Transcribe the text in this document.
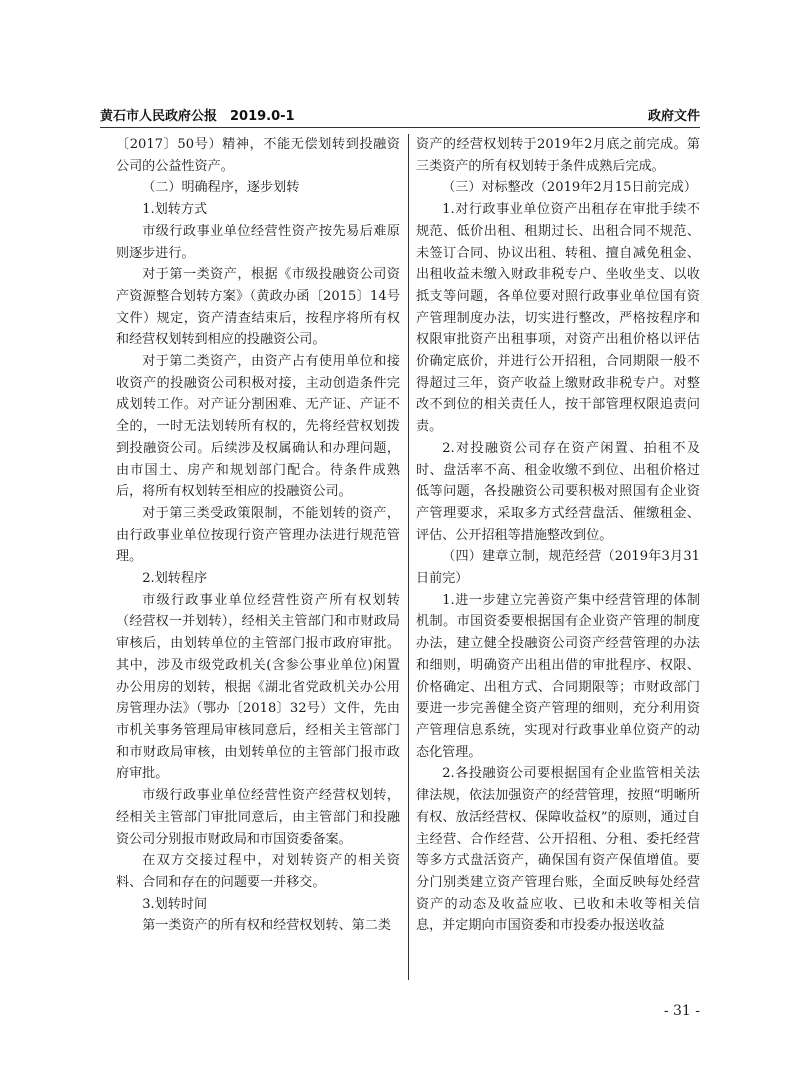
黄石市人民政府公报　2019.0-1	政府文件

〔2017〕50号）精神，不能无偿划转到投融资公司的公益性资产。

（二）明确程序，逐步划转

1.划转方式

市级行政事业单位经营性资产按先易后难原则逐步进行。

对于第一类资产，根据《市级投融资公司资产资源整合划转方案》（黄政办函〔2015〕14号文件）规定，资产清查结束后，按程序将所有权和经营权划转到相应的投融资公司。

对于第二类资产，由资产占有使用单位和接收资产的投融资公司积极对接，主动创造条件完成划转工作。对产证分割困难、无产证、产证不全的，一时无法划转所有权的，先将经营权划拨到投融资公司。后续涉及权属确认和办理问题，由市国土、房产和规划部门配合。待条件成熟后，将所有权划转至相应的投融资公司。

对于第三类受政策限制，不能划转的资产，由行政事业单位按现行资产管理办法进行规范管理。

2.划转程序

市级行政事业单位经营性资产所有权划转（经营权一并划转），经相关主管部门和市财政局审核后，由划转单位的主管部门报市政府审批。其中，涉及市级党政机关(含参公事业单位)闲置办公用房的划转，根据《湖北省党政机关办公用房管理办法》（鄂办〔2018〕32号）文件，先由市机关事务管理局审核同意后，经相关主管部门和市财政局审核，由划转单位的主管部门报市政府审批。

市级行政事业单位经营性资产经营权划转，经相关主管部门审批同意后，由主管部门和投融资公司分别报市财政局和市国资委备案。

在双方交接过程中，对划转资产的相关资料、合同和存在的问题要一并移交。

3.划转时间

第一类资产的所有权和经营权划转、第二类

资产的经营权划转于2019年2月底之前完成。第三类资产的所有权划转于条件成熟后完成。

（三）对标整改（2019年2月15日前完成）

1.对行政事业单位资产出租存在审批手续不规范、低价出租、租期过长、出租合同不规范、未签订合同、协议出租、转租、擅自减免租金、出租收益未缴入财政非税专户、坐收坐支、以收抵支等问题，各单位要对照行政事业单位国有资产管理制度办法，切实进行整改，严格按程序和权限审批资产出租事项，对资产出租价格以评估价确定底价，并进行公开招租，合同期限一般不得超过三年，资产收益上缴财政非税专户。对整改不到位的相关责任人，按干部管理权限追责问责。

2.对投融资公司存在资产闲置、拍租不及时、盘活率不高、租金收缴不到位、出租价格过低等问题，各投融资公司要积极对照国有企业资产管理要求，采取多方式经营盘活、催缴租金、评估、公开招租等措施整改到位。

（四）建章立制，规范经营（2019年3月31日前完）

1.进一步建立完善资产集中经营管理的体制机制。市国资委要根据国有企业资产管理的制度办法，建立健全投融资公司资产经营管理的办法和细则，明确资产出租出借的审批程序、权限、价格确定、出租方式、合同期限等；市财政部门要进一步完善健全资产管理的细则，充分利用资产管理信息系统，实现对行政事业单位资产的动态化管理。

2.各投融资公司要根据国有企业监管相关法律法规，依法加强资产的经营管理，按照“明晰所有权、放活经营权、保障收益权”的原则，通过自主经营、合作经营、公开招租、分租、委托经营等多方式盘活资产，确保国有资产保值增值。要分门别类建立资产管理台账，全面反映每处经营资产的动态及收益应收、已收和未收等相关信息，并定期向市国资委和市投委办报送收益

- 31 -
